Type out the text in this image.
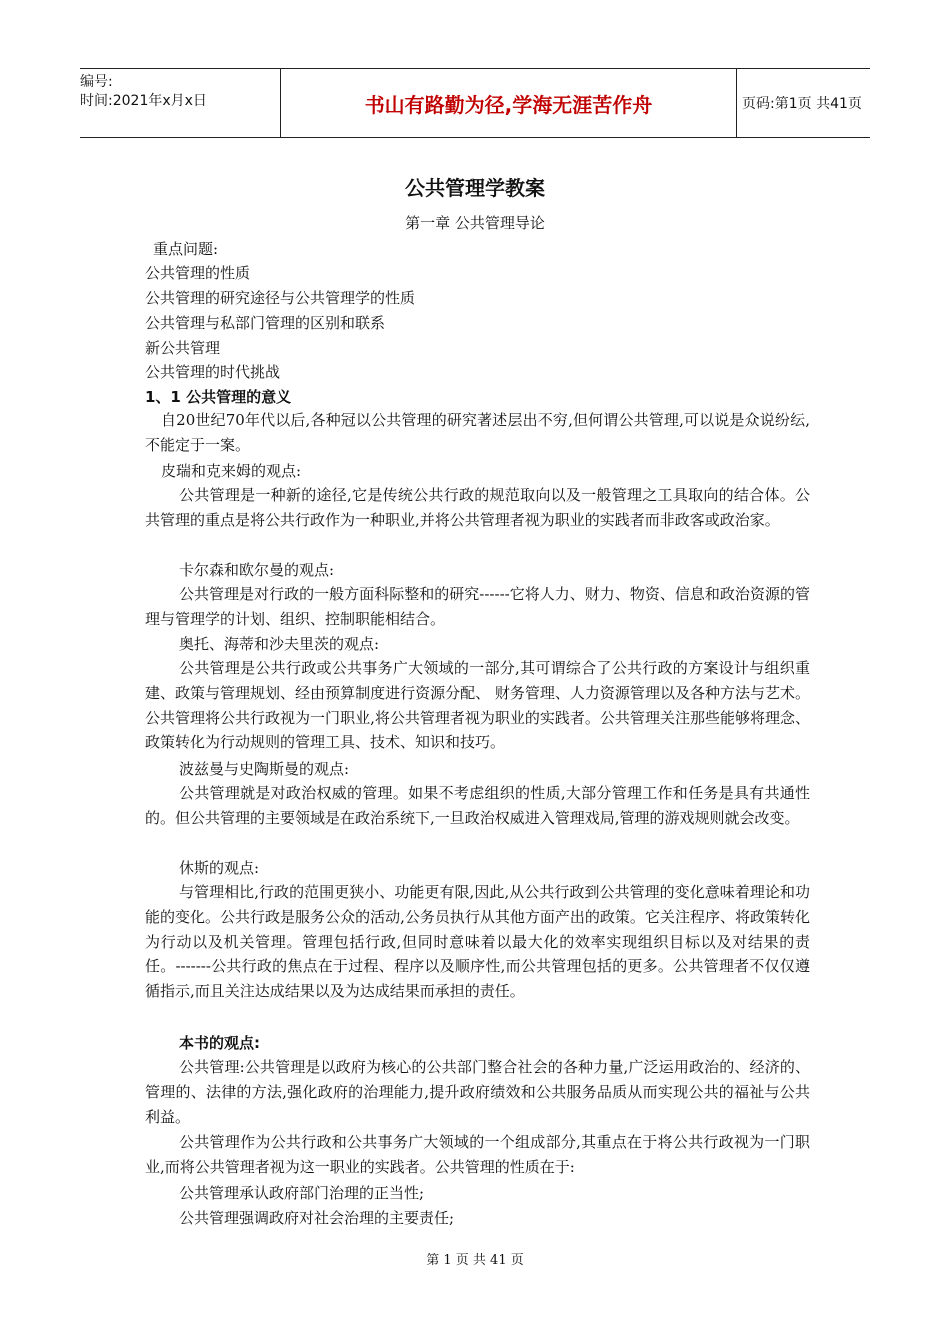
编号:
时间:2021年x月x日	书山有路勤为径,学海无涯苦作舟	页码:第1页 共41页
公共管理学教案
第一章 公共管理导论
重点问题:
公共管理的性质
公共管理的研究途径与公共管理学的性质
公共管理与私部门管理的区别和联系
新公共管理
公共管理的时代挑战
1、1 公共管理的意义
自20世纪70年代以后,各种冠以公共管理的研究著述层出不穷,但何谓公共管理,可以说是众说纷纭,不能定于一案。
皮瑞和克来姆的观点:
公共管理是一种新的途径,它是传统公共行政的规范取向以及一般管理之工具取向的结合体。公共管理的重点是将公共行政作为一种职业,并将公共管理者视为职业的实践者而非政客或政治家。
卡尔森和欧尔曼的观点:
公共管理是对行政的一般方面科际整和的研究------它将人力、财力、物资、信息和政治资源的管理与管理学的计划、组织、控制职能相结合。
奥托、海蒂和沙夫里茨的观点:
公共管理是公共行政或公共事务广大领域的一部分,其可谓综合了公共行政的方案设计与组织重建、政策与管理规划、经由预算制度进行资源分配、 财务管理、人力资源管理以及各种方法与艺术。公共管理将公共行政视为一门职业,将公共管理者视为职业的实践者。公共管理关注那些能够将理念、政策转化为行动规则的管理工具、技术、知识和技巧。
波兹曼与史陶斯曼的观点:
公共管理就是对政治权威的管理。如果不考虑组织的性质,大部分管理工作和任务是具有共通性的。但公共管理的主要领域是在政治系统下,一旦政治权威进入管理戏局,管理的游戏规则就会改变。
休斯的观点:
与管理相比,行政的范围更狭小、功能更有限,因此,从公共行政到公共管理的变化意味着理论和功能的变化。公共行政是服务公众的活动,公务员执行从其他方面产出的政策。它关注程序、将政策转化为行动以及机关管理。管理包括行政,但同时意味着以最大化的效率实现组织目标以及对结果的责任。-------公共行政的焦点在于过程、程序以及顺序性,而公共管理包括的更多。公共管理者不仅仅遵循指示,而且关注达成结果以及为达成结果而承担的责任。
本书的观点:
公共管理:公共管理是以政府为核心的公共部门整合社会的各种力量,广泛运用政治的、经济的、管理的、法律的方法,强化政府的治理能力,提升政府绩效和公共服务品质从而实现公共的福祉与公共利益。
公共管理作为公共行政和公共事务广大领域的一个组成部分,其重点在于将公共行政视为一门职业,而将公共管理者视为这一职业的实践者。公共管理的性质在于:
公共管理承认政府部门治理的正当性;
公共管理强调政府对社会治理的主要责任;
第 1 页 共 41 页
